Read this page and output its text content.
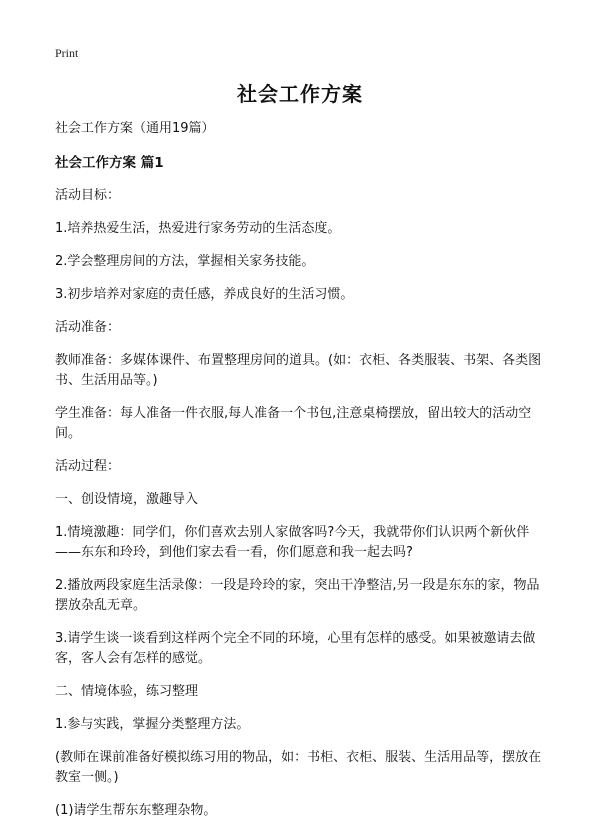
Print
社会工作方案

社会工作方案（通用19篇）

社会工作方案 篇1

活动目标：

1.培养热爱生活，热爱进行家务劳动的生活态度。

2.学会整理房间的方法，掌握相关家务技能。

3.初步培养对家庭的责任感，养成良好的生活习惯。

活动准备：

教师准备：多媒体课件、布置整理房间的道具。(如：衣柜、各类服装、书架、各类图书、生活用品等。)

学生准备：每人准备一件衣服,每人准备一个书包,注意桌椅摆放，留出较大的活动空间。

活动过程：

一、创设情境，激趣导入

1.情境激趣：同学们，你们喜欢去别人家做客吗?今天，我就带你们认识两个新伙伴——东东和玲玲，到他们家去看一看，你们愿意和我一起去吗?

2.播放两段家庭生活录像：一段是玲玲的家，突出干净整洁,另一段是东东的家，物品摆放杂乱无章。

3.请学生谈一谈看到这样两个完全不同的环境，心里有怎样的感受。如果被邀请去做客，客人会有怎样的感觉。

二、情境体验，练习整理

1.参与实践，掌握分类整理方法。

(教师在课前准备好模拟练习用的物品，如：书柜、衣柜、服装、生活用品等，摆放在教室一侧。)

(1)请学生帮东东整理杂物。
